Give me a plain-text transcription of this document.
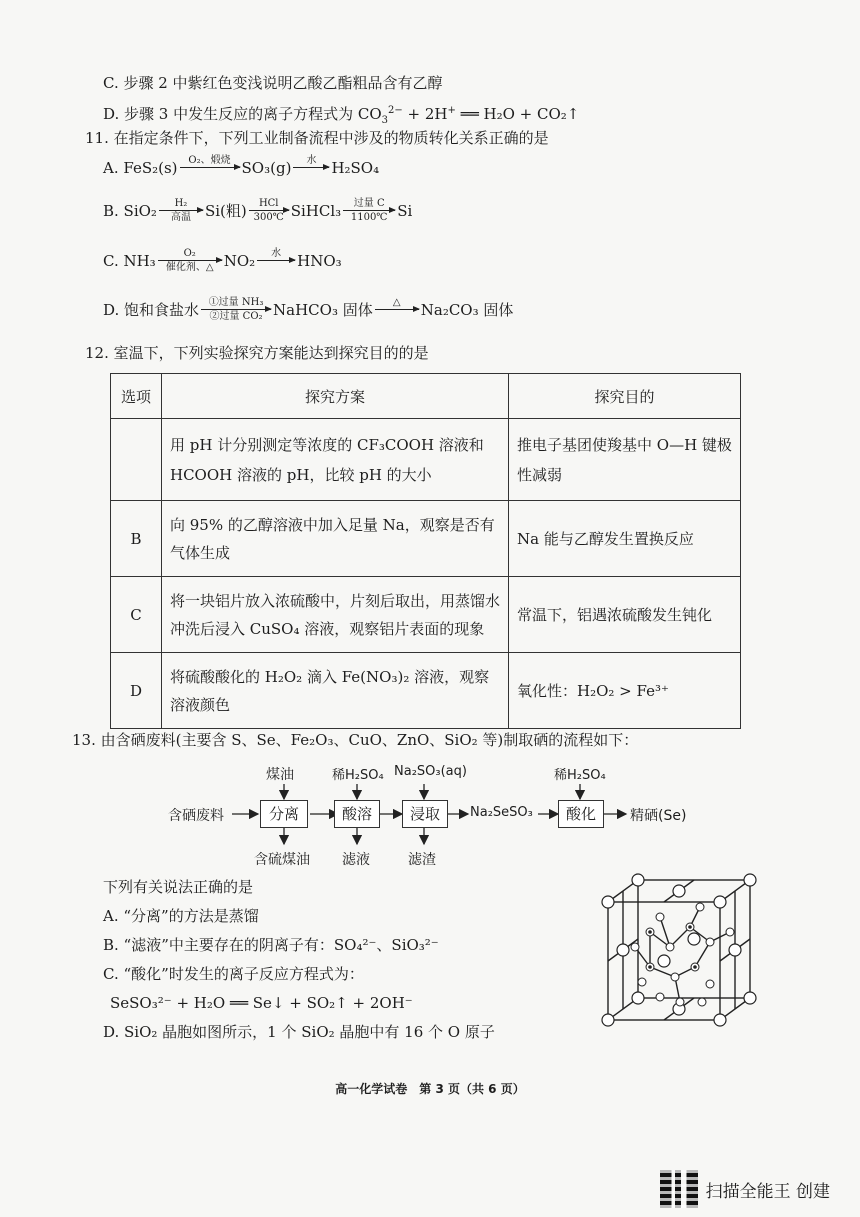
C. 步骤 2 中紫红色变浅说明乙酸乙酯粗品含有乙醇
D. 步骤 3 中发生反应的离子方程式为 $CO_3^{2-} + 2H^+$ ══ H₂O + CO₂↑
11. 在指定条件下，下列工业制备流程中涉及的物质转化关系正确的是
A. FeS₂(s) O₂、煅烧 SO₃(g) 水 H₂SO₄
B. SiO₂ H₂
高温 Si(粗) HCl
300℃ SiHCl₃ 过量 C
1100℃ Si
C. NH₃	O₂
催化剂、△ NO₂ 水 HNO₃
D. 饱和食盐水 ①过量 NH₃
②过量 CO₂ NaHCO₃ 固体 △ Na₂CO₃ 固体
12. 室温下，下列实验探究方案能达到探究目的的是
选项	探究方案	探究目的
	用 pH 计分别测定等浓度的 CF₃COOH 溶液和 HCOOH 溶液的 pH，比较 pH 的大小	推电子基团使羧基中 O—H 键极性减弱
B	向 95% 的乙醇溶液中加入足量 Na，观察是否有气体生成	Na 能与乙醇发生置换反应
C	将一块铝片放入浓硫酸中，片刻后取出，用蒸馏水冲洗后浸入 CuSO₄ 溶液，观察铝片表面的现象	常温下，铝遇浓硫酸发生钝化
D	将硫酸酸化的 H₂O₂ 滴入 Fe(NO₃)₂ 溶液，观察溶液颜色	氧化性：H₂O₂ > Fe³⁺
13. 由含硒废料(主要含 S、Se、Fe₂O₃、CuO、ZnO、SiO₂ 等)制取硒的流程如下：
含硒废料	分离	酸溶	浸取	Na₂SeSO₃	酸化	精硒(Se)
煤油	稀H₂SO₄ Na₂SO₃(aq)	稀H₂SO₄
含硫煤油 滤液	滤渣
下列有关说法正确的是
A. “分离”的方法是蒸馏
B. “滤液”中主要存在的阴离子有：SO₄²⁻、SiO₃²⁻
C. “酸化”时发生的离子反应方程式为：
SeSO₃²⁻ + H₂O ══ Se↓ + SO₂↑ + 2OH⁻
D. SiO₂ 晶胞如图所示，1 个 SiO₂ 晶胞中有 16 个 O 原子
高一化学试卷　第 3 页（共 6 页）
扫描全能王 创建
